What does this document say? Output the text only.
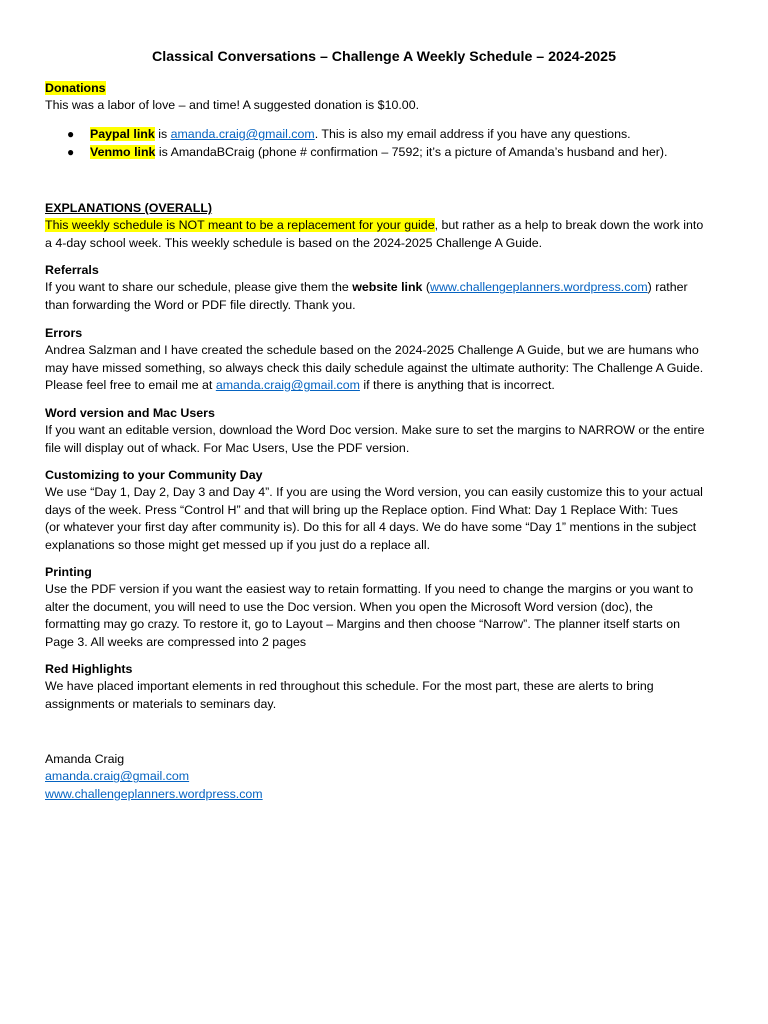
Classical Conversations – Challenge A Weekly Schedule – 2024-2025
Donations
This was a labor of love – and time! A suggested donation is $10.00.
● Paypal link is amanda.craig@gmail.com. This is also my email address if you have any questions.
● Venmo link is AmandaBCraig (phone # confirmation – 7592; it’s a picture of Amanda’s husband and her).
EXPLANATIONS (OVERALL)
This weekly schedule is NOT meant to be a replacement for your guide, but rather as a help to break down the work into
a 4-day school week. This weekly schedule is based on the 2024-2025 Challenge A Guide.
Referrals
If you want to share our schedule, please give them the website link (www.challengeplanners.wordpress.com) rather
than forwarding the Word or PDF file directly. Thank you.
Errors
Andrea Salzman and I have created the schedule based on the 2024-2025 Challenge A Guide, but we are humans who
may have missed something, so always check this daily schedule against the ultimate authority: The Challenge A Guide.
Please feel free to email me at amanda.craig@gmail.com if there is anything that is incorrect.
Word version and Mac Users
If you want an editable version, download the Word Doc version. Make sure to set the margins to NARROW or the entire
file will display out of whack. For Mac Users, Use the PDF version.
Customizing to your Community Day
We use “Day 1, Day 2, Day 3 and Day 4”. If you are using the Word version, you can easily customize this to your actual
days of the week. Press “Control H” and that will bring up the Replace option. Find What: Day 1 Replace With: Tues
(or whatever your first day after community is). Do this for all 4 days. We do have some “Day 1” mentions in the subject
explanations so those might get messed up if you just do a replace all.
Printing
Use the PDF version if you want the easiest way to retain formatting. If you need to change the margins or you want to
alter the document, you will need to use the Doc version. When you open the Microsoft Word version (doc), the
formatting may go crazy. To restore it, go to Layout – Margins and then choose “Narrow”. The planner itself starts on
Page 3. All weeks are compressed into 2 pages
Red Highlights
We have placed important elements in red throughout this schedule. For the most part, these are alerts to bring
assignments or materials to seminars day.
Amanda Craig
amanda.craig@gmail.com
www.challengeplanners.wordpress.com
